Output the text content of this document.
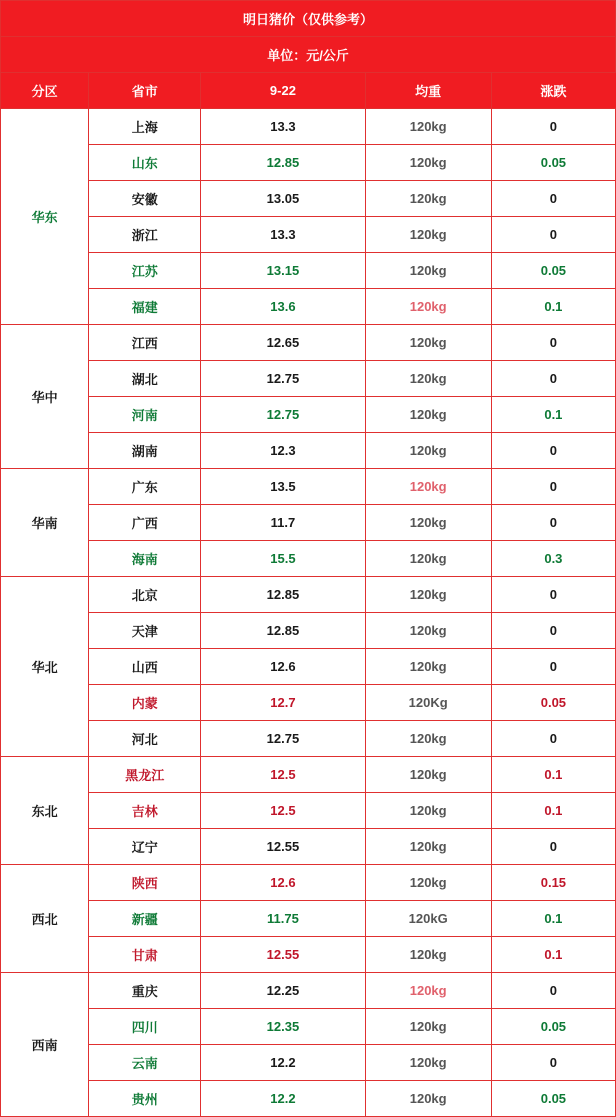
明日猪价（仅供参考）				
单位：元/公斤				
分区	省市	9-22	均重	涨跌
华东	上海	13.3	120kg	0
	山东	12.85	120kg	0.05
	安徽	13.05	120kg	0
	浙江	13.3	120kg	0
	江苏	13.15	120kg	0.05
	福建	13.6	120kg	0.1
华中	江西	12.65	120kg	0
	湖北	12.75	120kg	0
	河南	12.75	120kg	0.1
	湖南	12.3	120kg	0
华南	广东	13.5	120kg	0
	广西	11.7	120kg	0
	海南	15.5	120kg	0.3
华北	北京	12.85	120kg	0
	天津	12.85	120kg	0
	山西	12.6	120kg	0
	内蒙	12.7	120Kg	0.05
	河北	12.75	120kg	0
东北	黑龙江	12.5	120kg	0.1
	吉林	12.5	120kg	0.1
	辽宁	12.55	120kg	0
西北	陕西	12.6	120kg	0.15
	新疆	11.75	120kG	0.1
	甘肃	12.55	120kg	0.1
西南	重庆	12.25	120kg	0
	四川	12.35	120kg	0.05
	云南	12.2	120kg	0
	贵州	12.2	120kg	0.05
